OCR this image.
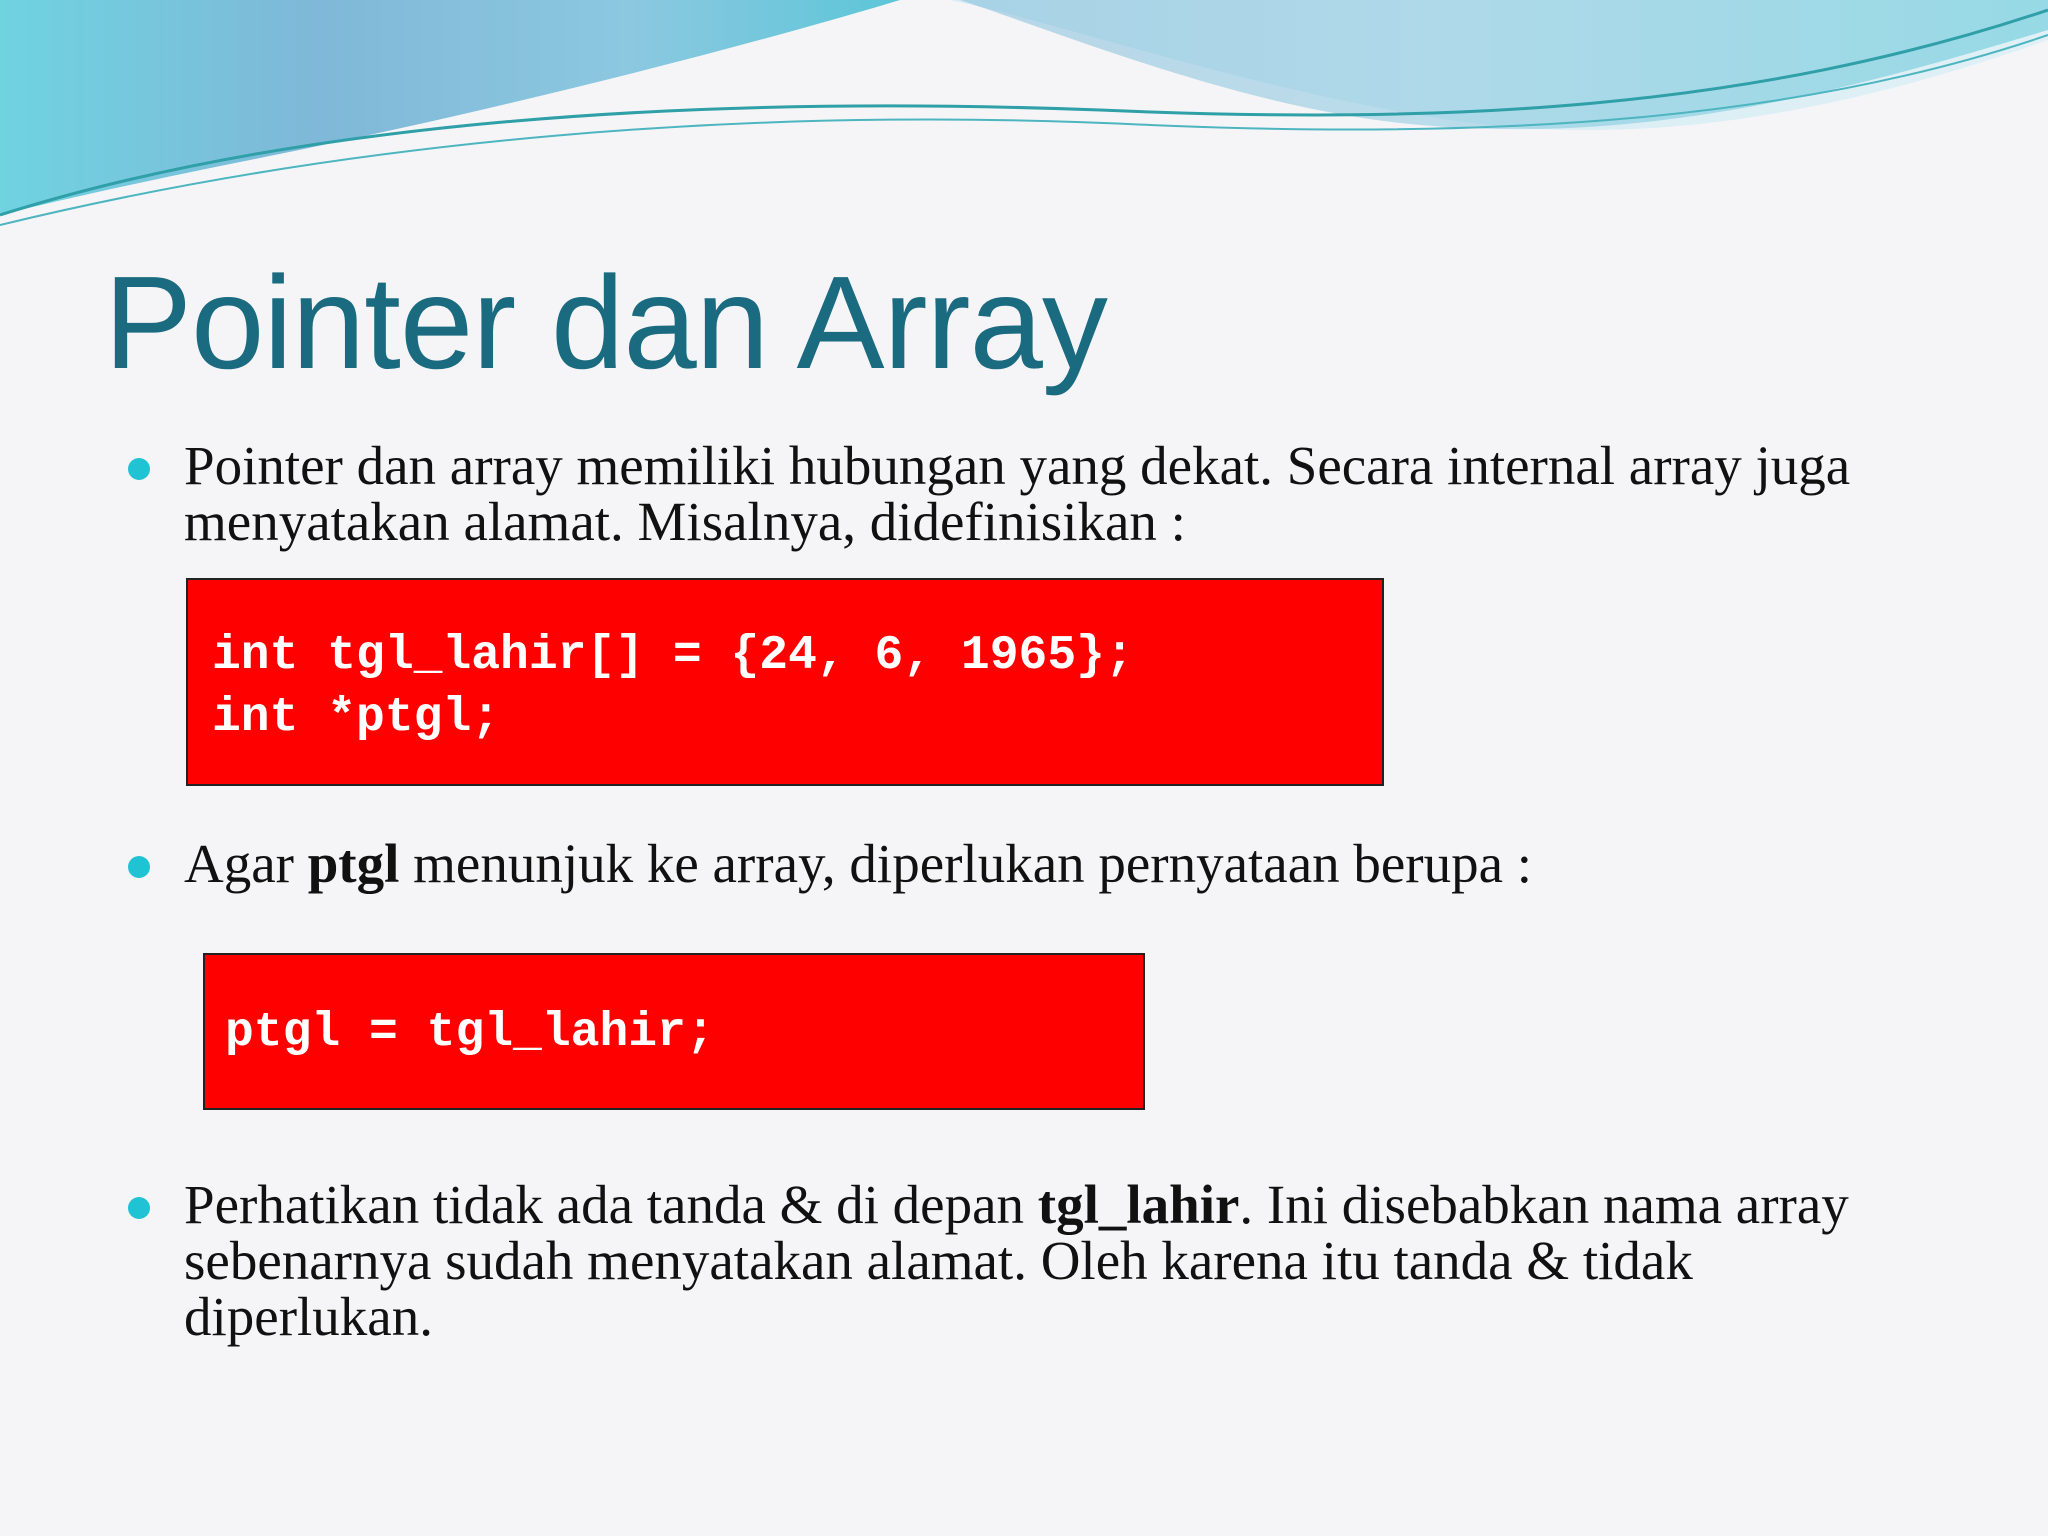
Pointer dan Array
Pointer dan array memiliki hubungan yang dekat. Secara internal array juga menyatakan alamat. Misalnya, didefinisikan :
int tgl_lahir[] = {24, 6, 1965};
int *ptgl;
Agar ptgl menunjuk ke array, diperlukan pernyataan berupa :
ptgl = tgl_lahir;
Perhatikan tidak ada tanda & di depan tgl_lahir. Ini disebabkan nama array sebenarnya sudah menyatakan alamat. Oleh karena itu tanda & tidak diperlukan.
